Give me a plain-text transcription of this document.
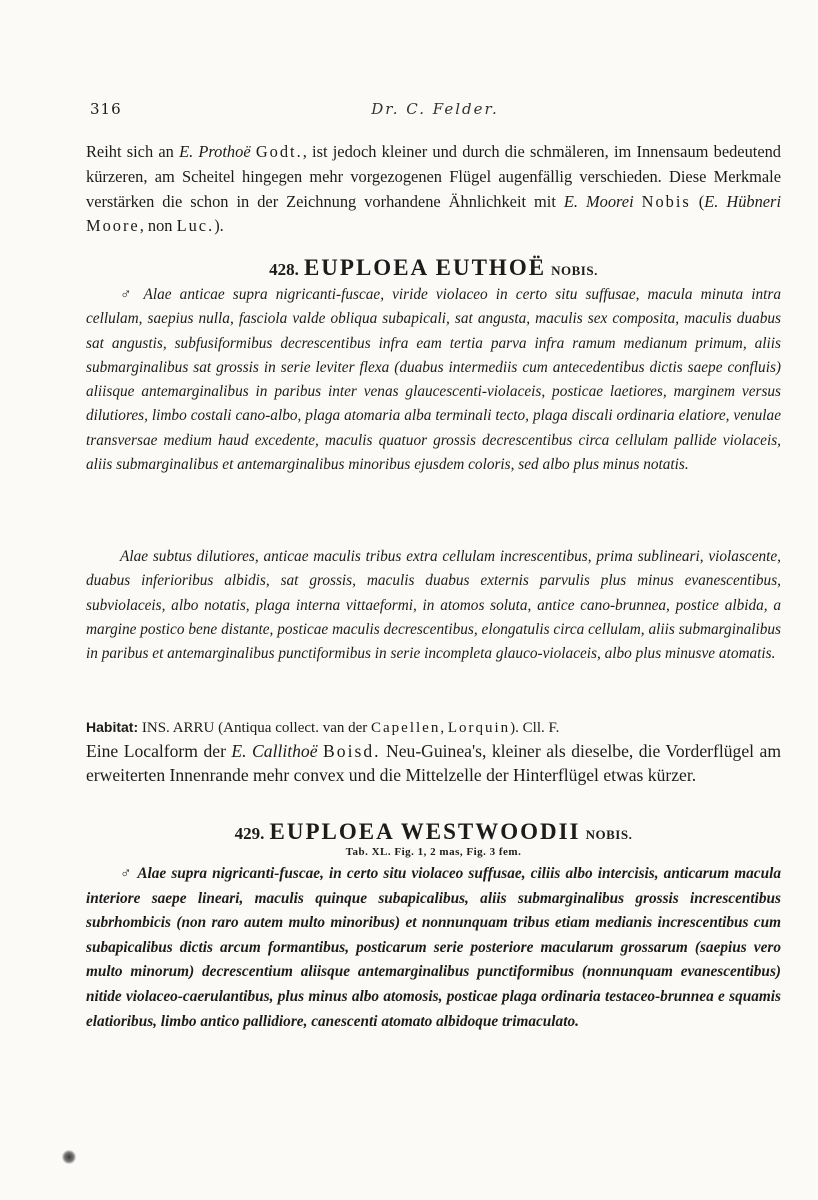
316	Dr. C. Felder.

Reiht sich an E. Prothoë Godt., ist jedoch kleiner und durch die schmäleren, im Innensaum bedeutend kürzeren, am Scheitel hingegen mehr vorgezogenen Flügel augenfällig verschieden. Diese Merkmale verstärken die schon in der Zeichnung vorhandene Ähnlichkeit mit E. Moorei Nobis (E. Hübneri Moore, non Luc.).

428. EUPLOEA EUTHOË NOBIS.

♂ Alae anticae supra nigricanti-fuscae, viride violaceo in certo situ suffusae, macula minuta intra cellulam, saepius nulla, fasciola valde obliqua subapicali, sat angusta, maculis sex composita, maculis duabus sat angustis, subfusiformibus decrescentibus infra eam tertia parva infra ramum medianum primum, aliis submarginalibus sat grossis in serie leviter flexa (duabus intermediis cum antecedentibus dictis saepe confluis) aliisque antemarginalibus in paribus inter venas glaucescenti-violaceis, posticae laetiores, marginem versus dilutiores, limbo costali cano-albo, plaga atomaria alba terminali tecto, plaga discali ordinaria elatiore, venulae transversae medium haud excedente, maculis quatuor grossis decrescentibus circa cellulam pallide violaceis, aliis submarginalibus et antemarginalibus minoribus ejusdem coloris, sed albo plus minus notatis.

Alae subtus dilutiores, anticae maculis tribus extra cellulam increscentibus, prima sublineari, violascente, duabus inferioribus albidis, sat grossis, maculis duabus externis parvulis plus minus evanescentibus, subviolaceis, albo notatis, plaga interna vittaeformi, in atomos soluta, antice cano-brunnea, postice albida, a margine postico bene distante, posticae maculis decrescentibus, elongatulis circa cellulam, aliis submarginalibus in paribus et antemarginalibus punctiformibus in serie incompleta glauco-violaceis, albo plus minusve atomatis.

Habitat: INS. ARRU (Antiqua collect. van der Capellen, Lorquin). Cll. F.

Eine Localform der E. Callithoë Boisd. Neu-Guinea's, kleiner als dieselbe, die Vorderflügel am erweiterten Innenrande mehr convex und die Mittelzelle der Hinterflügel etwas kürzer.

429. EUPLOEA WESTWOODII NOBIS.
Tab. XL. Fig. 1, 2 mas, Fig. 3 fem.

♂ Alae supra nigricanti-fuscae, in certo situ violaceo suffusae, ciliis albo intercisis, anticarum macula interiore saepe lineari, maculis quinque subapicalibus, aliis submarginalibus grossis increscentibus subrhombicis (non raro autem multo minoribus) et nonnunquam tribus etiam medianis increscentibus cum subapicalibus dictis arcum formantibus, posticarum serie posteriore macularum grossarum (saepius vero multo minorum) decrescentium aliisque antemarginalibus punctiformibus (nonnunquam evanescentibus) nitide violaceo-caerulantibus, plus minus albo atomosis, posticae plaga ordinaria testaceo-brunnea e squamis elatioribus, limbo antico pallidiore, canescenti atomato albidoque trimaculato.
